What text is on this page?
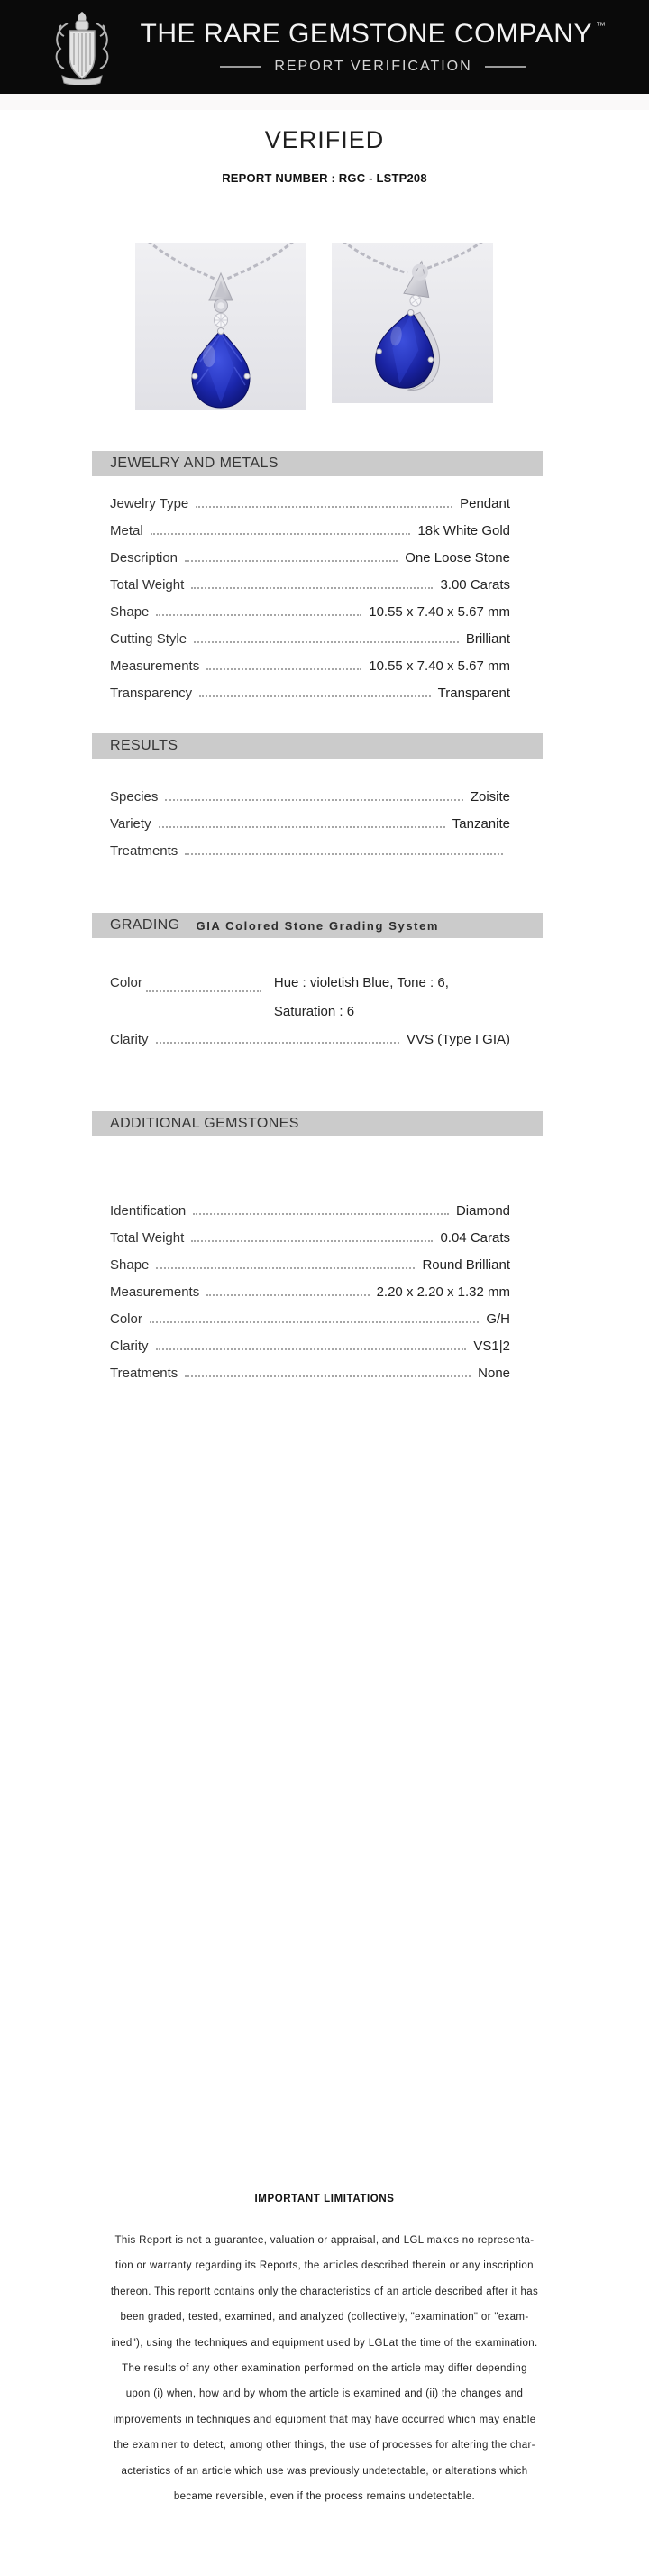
THE RARE GEMSTONE COMPANY ™
REPORT VERIFICATION
VERIFIED
REPORT NUMBER : RGC - LSTP208
JEWELRY AND METALS
Jewelry Type	Pendant
Metal	18k White Gold
Description	One Loose Stone
Total Weight	3.00 Carats
Shape	10.55 x 7.40 x 5.67 mm
Cutting Style	Brilliant
Measurements	10.55 x 7.40 x 5.67 mm
Transparency	Transparent
RESULTS
Species	Zoisite
Variety	Tanzanite
Treatments
GRADING GIA Colored Stone Grading System
Color	Hue : violetish Blue, Tone : 6,
Saturation : 6
Clarity	VVS (Type I GIA)
ADDITIONAL GEMSTONES
Identification	Diamond
Total Weight	0.04 Carats
Shape	Round Brilliant
Measurements	2.20 x 2.20 x 1.32 mm
Color	G/H
Clarity	VS1|2
Treatments	None
IMPORTANT LIMITATIONS
This Report is not a guarantee, valuation or appraisal, and LGL makes no representa-
tion or warranty regarding its Reports, the articles described therein or any inscription
thereon. This reportt contains only the characteristics of an article described after it has
been graded, tested, examined, and analyzed (collectively, "examination" or "exam-
ined"), using the techniques and equipment used by LGLat the time of the examination.
The results of any other examination performed on the article may differ depending
upon (i) when, how and by whom the article is examined and (ii) the changes and
improvements in techniques and equipment that may have occurred which may enable
the examiner to detect, among other things, the use of processes for altering the char-
acteristics of an article which use was previously undetectable, or alterations which
became reversible, even if the process remains undetectable.
